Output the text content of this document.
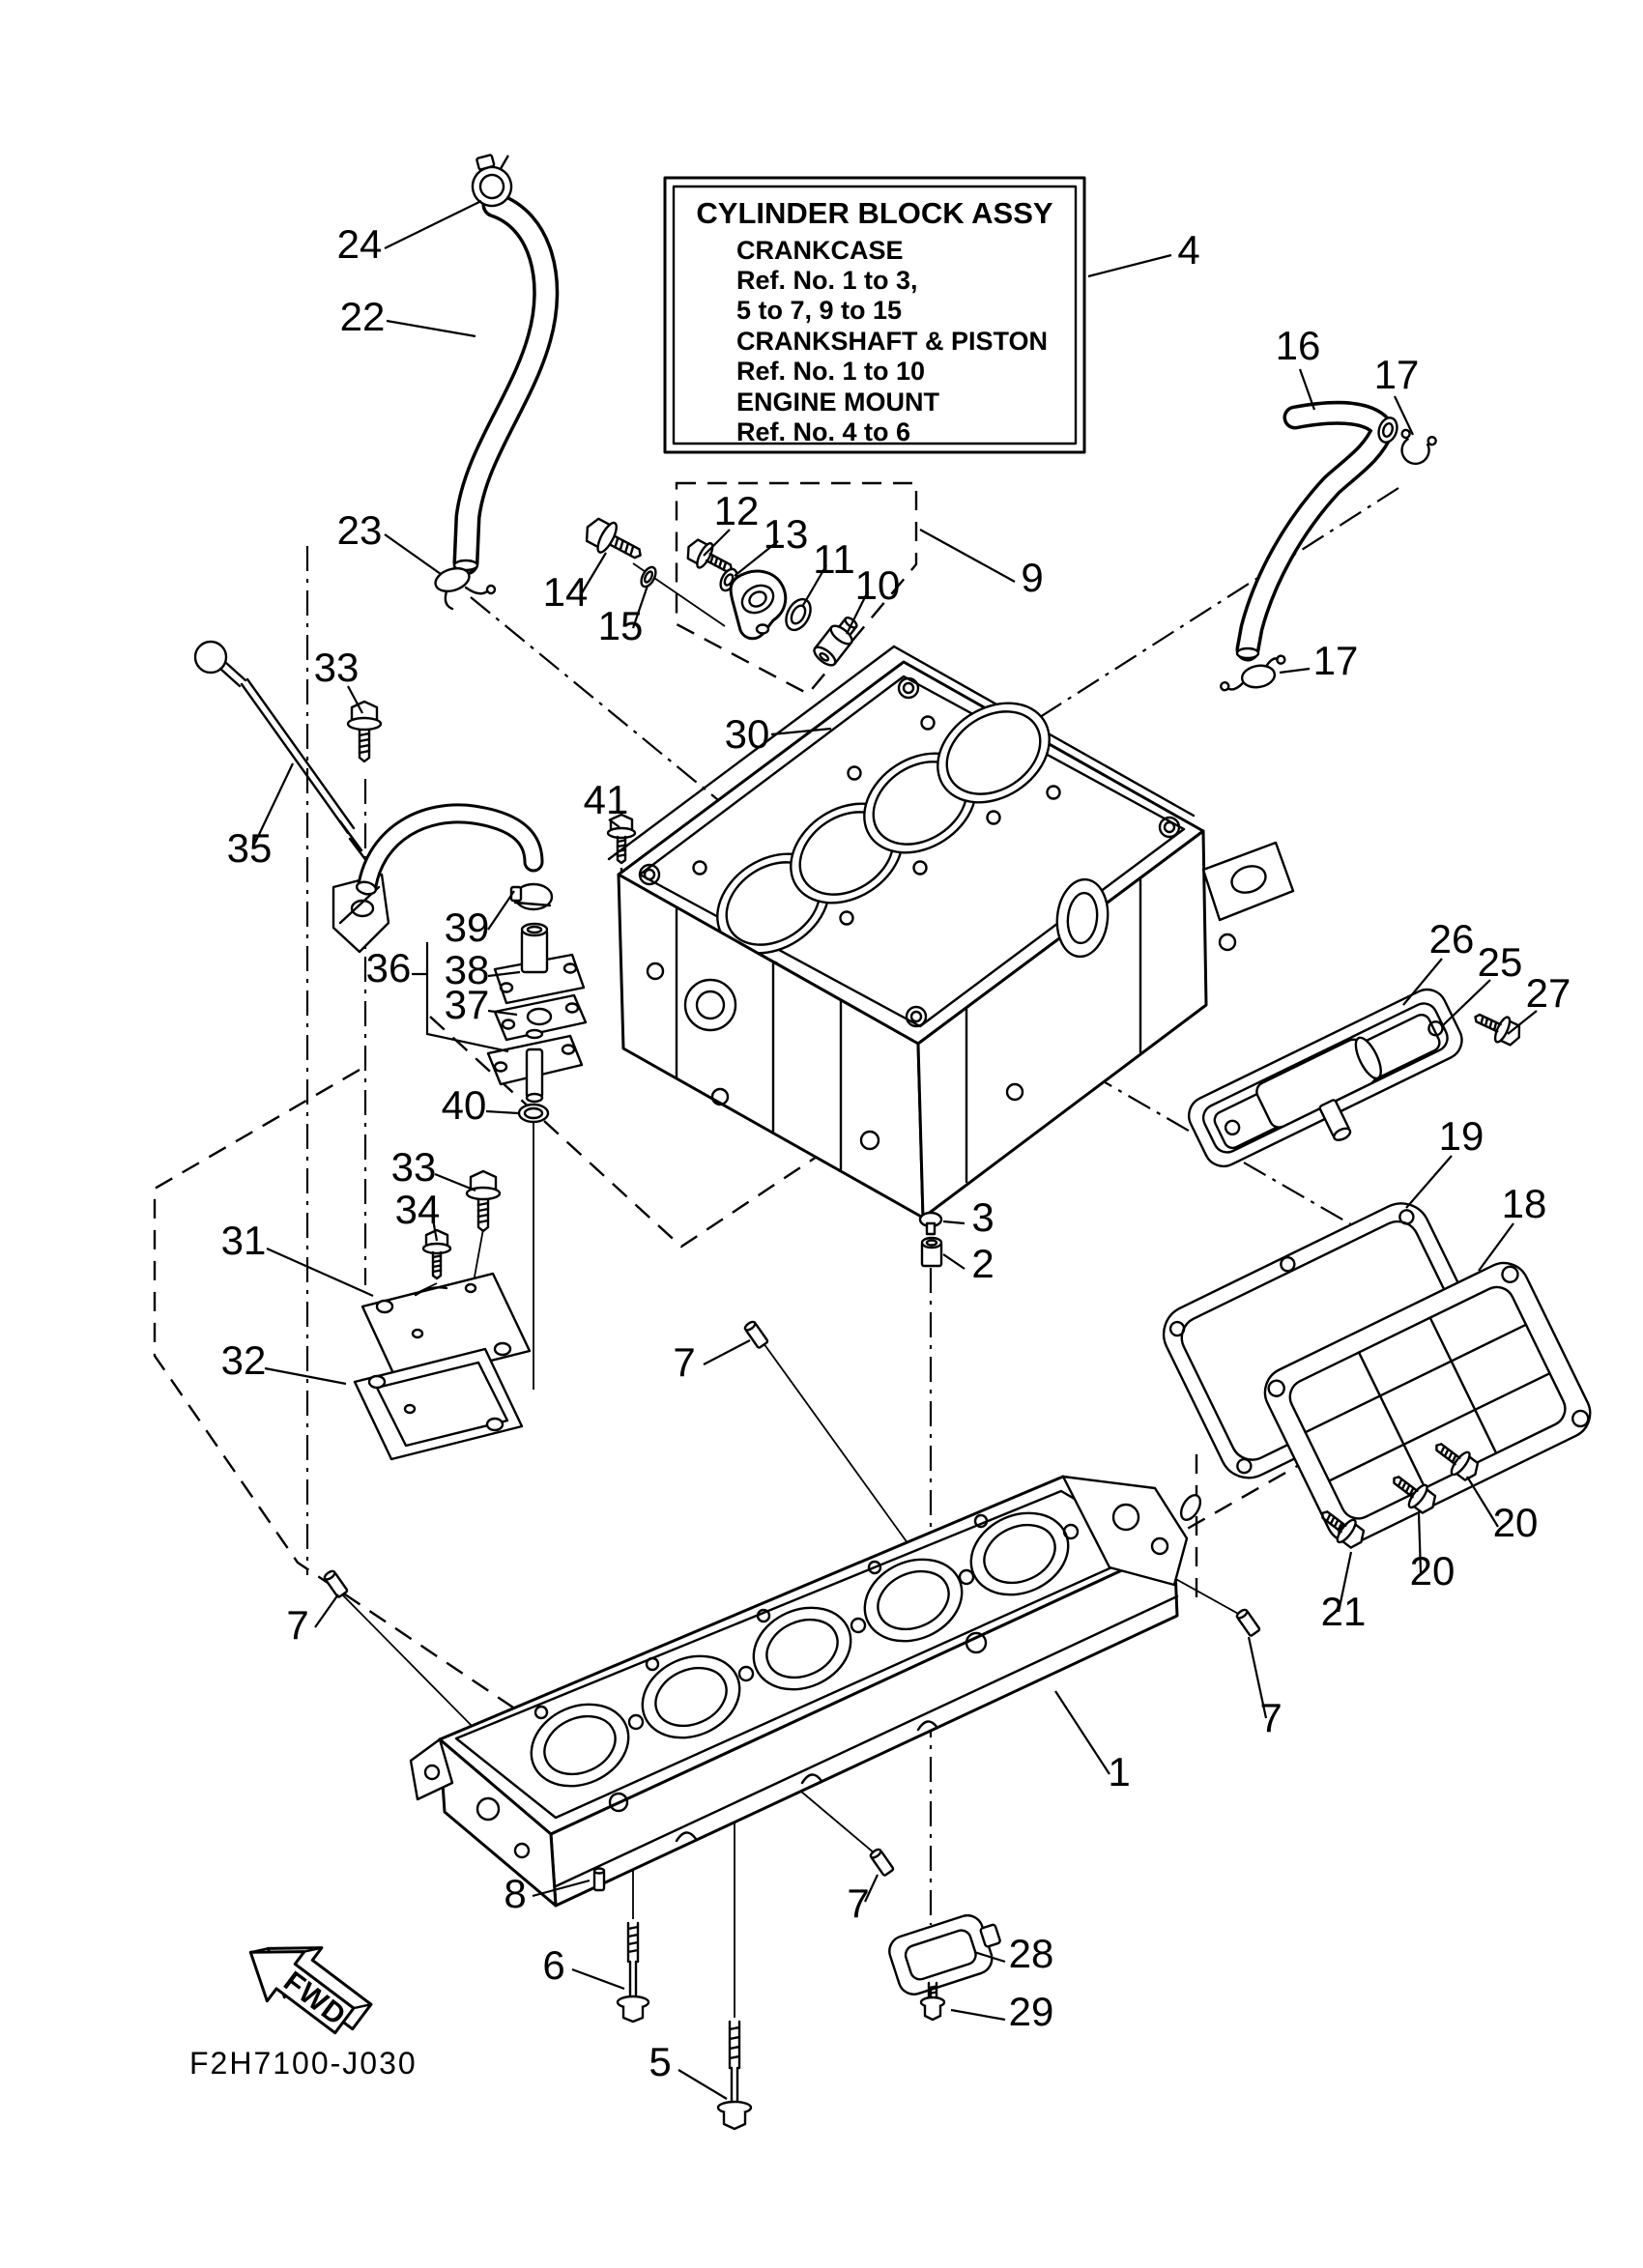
CYLINDER BLOCK ASSY
CRANKCASE
Ref. No. 1 to 3,
5 to 7, 9 to 15
CRANKSHAFT & PISTON
Ref. No. 1 to 10
ENGINE MOUNT
Ref. No. 4 to 6
24
22
23
14
15
12
13
11
10	9
4
16
17
17
30
33
35
41
39
36 38
37
40
33
34
31
32
26
25
27
19
18
20
20
21
7
3
2
7
7
1
8
6
5
7
28
29
FWD
F2H7100-J030
